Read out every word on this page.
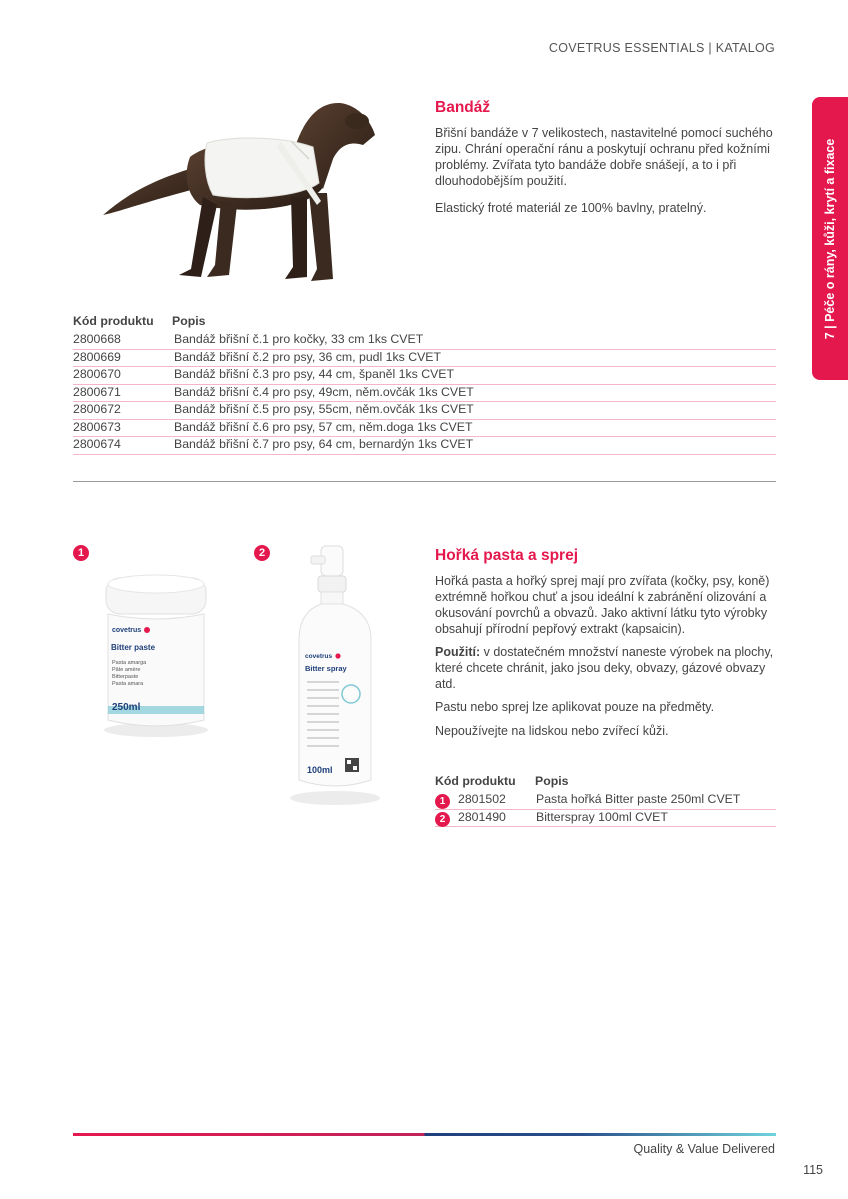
COVETRUS ESSENTIALS | KATALOG
7 | Péče o rány, kůži, krytí a fixace
Bandáž

Břišní bandáže v 7 velikostech, nastavitelné pomocí suchého zipu. Chrání operační ránu a poskytují ochranu před kožními problémy. Zvířata tyto bandáže dobře snášejí, a to i při dlouhodobějším použití.

Elastický froté materiál ze 100% bavlny, pratelný.

Kód produktu Popis
2800668	Bandáž břišní č.1 pro kočky, 33 cm 1ks CVET
2800669	Bandáž břišní č.2 pro psy, 36 cm, pudl 1ks CVET
2800670	Bandáž břišní č.3 pro psy, 44 cm, španěl 1ks CVET
2800671	Bandáž břišní č.4 pro psy, 49cm, něm.ovčák 1ks CVET
2800672	Bandáž břišní č.5 pro psy, 55cm, něm.ovčák 1ks CVET
2800673	Bandáž břišní č.6 pro psy, 57 cm, něm.doga 1ks CVET
2800674	Bandáž břišní č.7 pro psy, 64 cm, bernardýn 1ks CVET
1	2
covetrus
Bitter paste
Pasta amarga
Pâte amère
Bitterpaste
Pasta amara
250ml
covetrus
Bitter spray
100ml
Hořká pasta a sprej

Hořká pasta a hořký sprej mají pro zvířata (kočky, psy, koně) extrémně hořkou chuť a jsou ideální k zabránění olizování a okusování povrchů a obvazů. Jako aktivní látku tyto výrobky obsahují přírodní pepřový extrakt (kapsaicin).

Použití: v dostatečném množství naneste výrobek na plochy, které chcete chránit, jako jsou deky, obvazy, gázové obvazy atd.

Pastu nebo sprej lze aplikovat pouze na předměty.

Nepoužívejte na lidskou nebo zvířecí kůži.

Kód produktu Popis
1	2801502 Pasta hořká Bitter paste 250ml CVET
2	2801490 Bitterspray 100ml CVET
Quality & Value Delivered
115
